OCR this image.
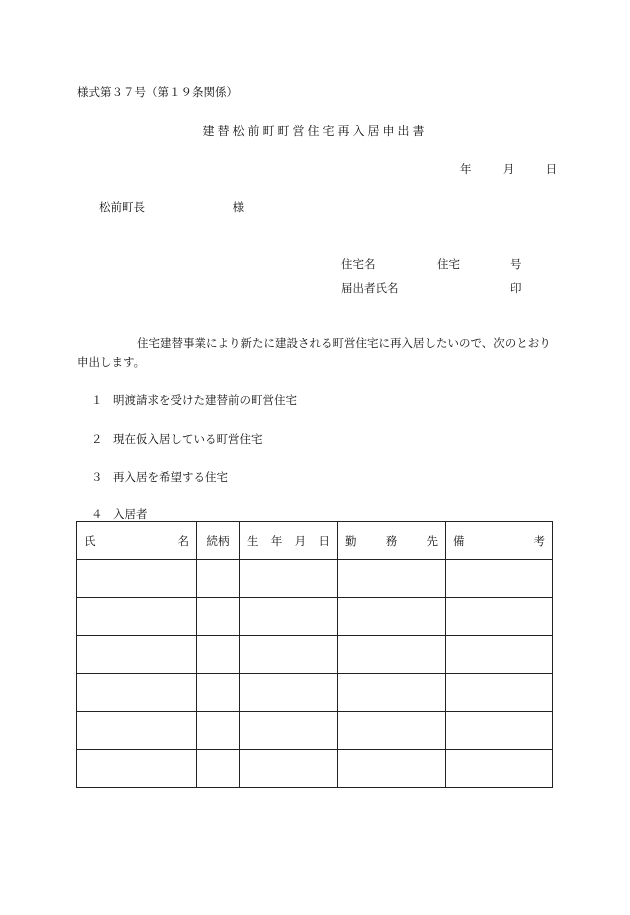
様式第３７号（第１９条関係）
建替松前町町営住宅再入居申出書
年	月	日
松前町長	様
住宅名	住宅	号
届出者氏名	印
住宅建替事業により新たに建設される町営住宅に再入居したいので、次のとおり申出します。
１ 明渡請求を受けた建替前の町営住宅
２ 現在仮入居している町営住宅
３ 再入居を希望する住宅
４ 入居者
氏 名	続柄	生 年 月 日	勤 務 先	備 考
